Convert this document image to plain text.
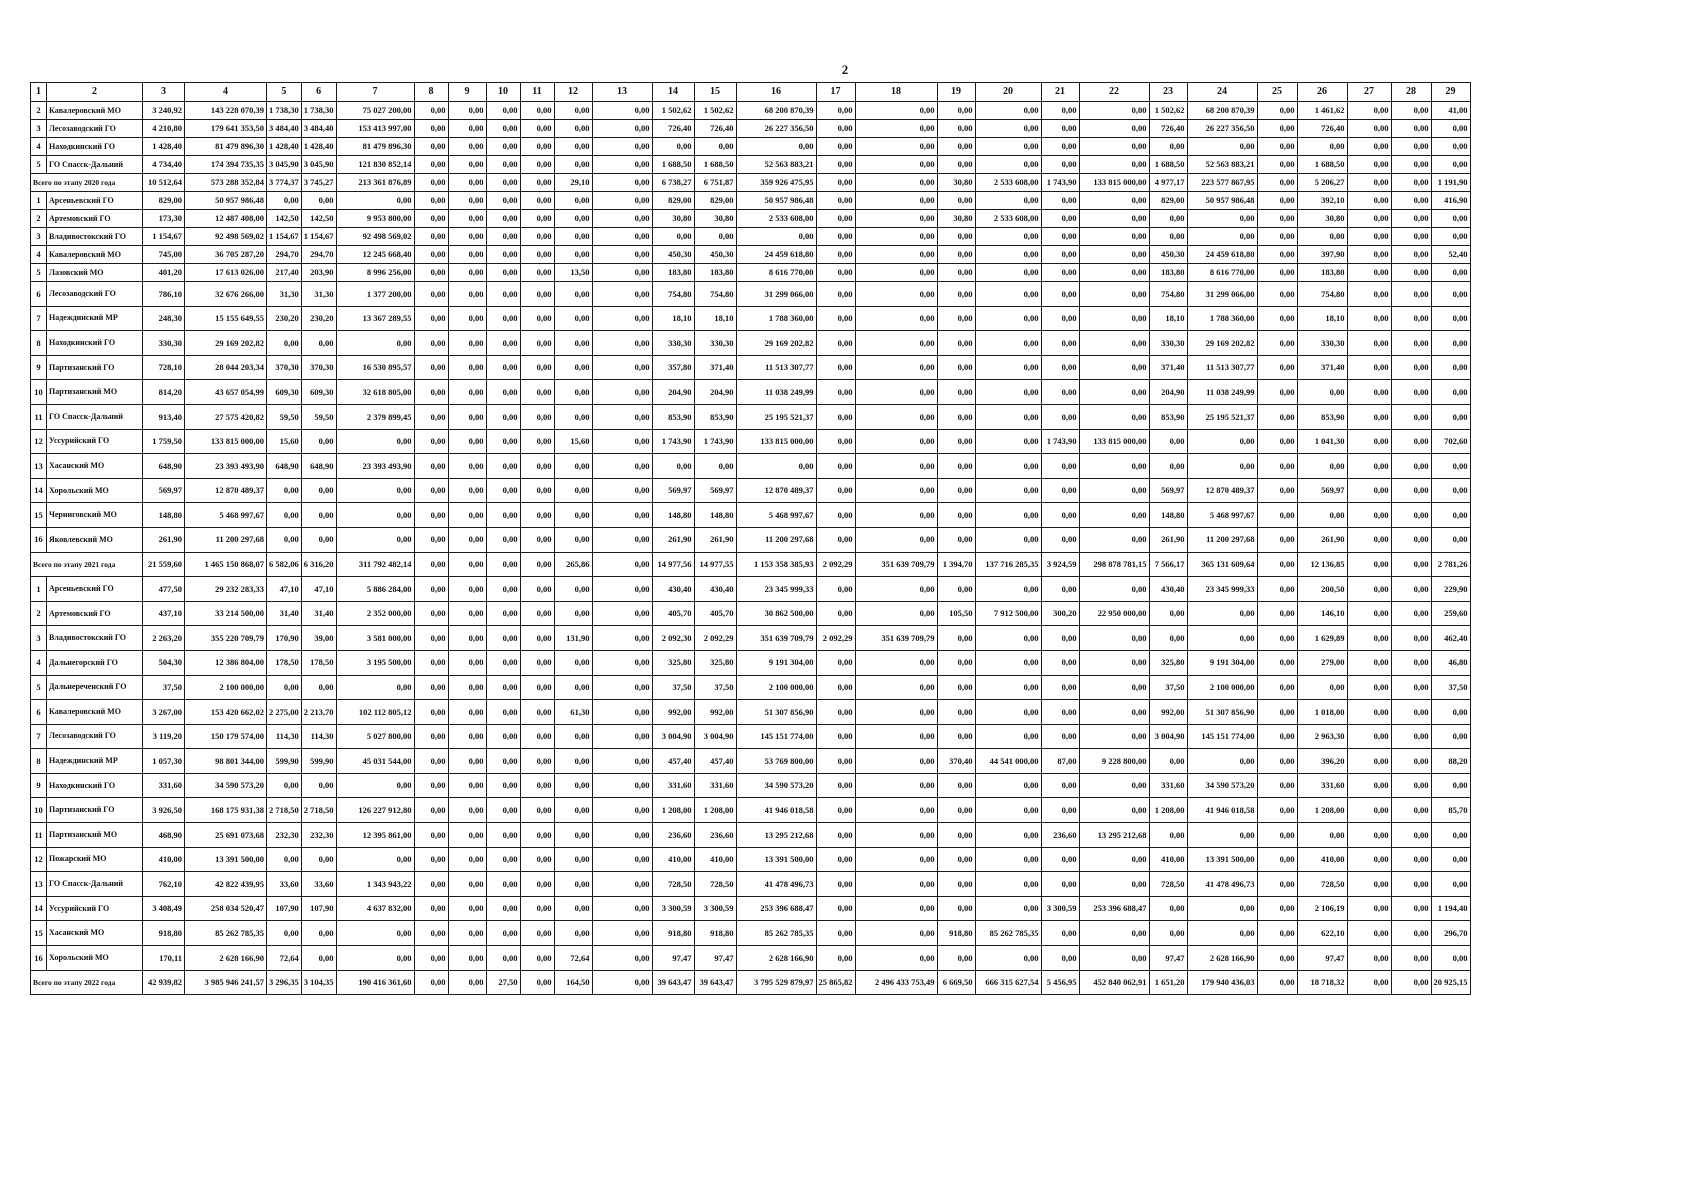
2
1	2	3	4	5	6	7	8	9	10	11	12	13	14	15	16	17	18	19	20	21	22	23	24	25	26	27	28	29
2	Кавалеровский МО	3 240,92	143 228 070,39	1 738,30	1 738,30	75 027 200,00	0,00	0,00	0,00	0,00	0,00	0,00	1 502,62	1 502,62	68 200 870,39	0,00	0,00	0,00	0,00	0,00	0,00	1 502,62	68 200 870,39	0,00	1 461,62	0,00	0,00	41,00
3	Лесозаводский ГО	4 210,80	179 641 353,50	3 484,40	3 484,40	153 413 997,00	0,00	0,00	0,00	0,00	0,00	0,00	726,40	726,40	26 227 356,50	0,00	0,00	0,00	0,00	0,00	0,00	726,40	26 227 356,50	0,00	726,40	0,00	0,00	0,00
4	Находкинский ГО	1 428,40	81 479 896,30	1 428,40	1 428,40	81 479 896,30	0,00	0,00	0,00	0,00	0,00	0,00	0,00	0,00	0,00	0,00	0,00	0,00	0,00	0,00	0,00	0,00	0,00	0,00	0,00	0,00	0,00	0,00
5	ГО Спасск-Дальний	4 734,40	174 394 735,35	3 045,90	3 045,90	121 830 852,14	0,00	0,00	0,00	0,00	0,00	0,00	1 688,50	1 688,50	52 563 883,21	0,00	0,00	0,00	0,00	0,00	0,00	1 688,50	52 563 883,21	0,00	1 688,50	0,00	0,00	0,00
Всего по этапу 2020 года		10 512,64	573 288 352,84	3 774,37	3 745,27	213 361 876,89	0,00	0,00	0,00	0,00	29,10	0,00	6 738,27	6 751,87	359 926 475,95	0,00	0,00	30,80	2 533 608,00	1 743,90	133 815 000,00	4 977,17	223 577 867,95	0,00	5 206,27	0,00	0,00	1 191,90
1	Арсеньевский ГО	829,00	50 957 986,48	0,00	0,00	0,00	0,00	0,00	0,00	0,00	0,00	0,00	829,00	829,00	50 957 986,48	0,00	0,00	0,00	0,00	0,00	0,00	829,00	50 957 986,48	0,00	392,10	0,00	0,00	416,90
2	Артемовский ГО	173,30	12 487 408,00	142,50	142,50	9 953 800,00	0,00	0,00	0,00	0,00	0,00	0,00	30,80	30,80	2 533 608,00	0,00	0,00	30,80	2 533 608,00	0,00	0,00	0,00	0,00	0,00	30,80	0,00	0,00	0,00
3	Владивостокский ГО	1 154,67	92 498 569,02	1 154,67	1 154,67	92 498 569,02	0,00	0,00	0,00	0,00	0,00	0,00	0,00	0,00	0,00	0,00	0,00	0,00	0,00	0,00	0,00	0,00	0,00	0,00	0,00	0,00	0,00	0,00
4	Кавалеровский МО	745,00	36 705 287,20	294,70	294,70	12 245 668,40	0,00	0,00	0,00	0,00	0,00	0,00	450,30	450,30	24 459 618,80	0,00	0,00	0,00	0,00	0,00	0,00	450,30	24 459 618,80	0,00	397,90	0,00	0,00	52,40
5	Лазовский МО	401,20	17 613 026,00	217,40	203,90	8 996 256,00	0,00	0,00	0,00	0,00	13,50	0,00	183,80	183,80	8 616 770,00	0,00	0,00	0,00	0,00	0,00	0,00	183,80	8 616 770,00	0,00	183,80	0,00	0,00	0,00
6	Лесозаводский ГО	786,10	32 676 266,00	31,30	31,30	1 377 200,00	0,00	0,00	0,00	0,00	0,00	0,00	754,80	754,80	31 299 066,00	0,00	0,00	0,00	0,00	0,00	0,00	754,80	31 299 066,00	0,00	754,80	0,00	0,00	0,00
7	Надеждинский МР	248,30	15 155 649,55	230,20	230,20	13 367 289,55	0,00	0,00	0,00	0,00	0,00	0,00	18,10	18,10	1 788 360,00	0,00	0,00	0,00	0,00	0,00	0,00	18,10	1 788 360,00	0,00	18,10	0,00	0,00	0,00
8	Находкинский ГО	330,30	29 169 202,82	0,00	0,00	0,00	0,00	0,00	0,00	0,00	0,00	0,00	330,30	330,30	29 169 202,82	0,00	0,00	0,00	0,00	0,00	0,00	330,30	29 169 202,82	0,00	330,30	0,00	0,00	0,00
9	Партизанский ГО	728,10	28 044 203,34	370,30	370,30	16 530 895,57	0,00	0,00	0,00	0,00	0,00	0,00	357,80	371,40	11 513 307,77	0,00	0,00	0,00	0,00	0,00	0,00	371,40	11 513 307,77	0,00	371,40	0,00	0,00	0,00
10	Партизанский МО	814,20	43 657 054,99	609,30	609,30	32 618 805,00	0,00	0,00	0,00	0,00	0,00	0,00	204,90	204,90	11 038 249,99	0,00	0,00	0,00	0,00	0,00	0,00	204,90	11 038 249,99	0,00	0,00	0,00	0,00	0,00
11	ГО Спасск-Дальний	913,40	27 575 420,82	59,50	59,50	2 379 899,45	0,00	0,00	0,00	0,00	0,00	0,00	853,90	853,90	25 195 521,37	0,00	0,00	0,00	0,00	0,00	0,00	853,90	25 195 521,37	0,00	853,90	0,00	0,00	0,00
12	Уссурийский ГО	1 759,50	133 815 000,00	15,60	0,00	0,00	0,00	0,00	0,00	0,00	15,60	0,00	1 743,90	1 743,90	133 815 000,00	0,00	0,00	0,00	0,00	1 743,90	133 815 000,00	0,00	0,00	0,00	1 041,30	0,00	0,00	702,60
13	Хасанский МО	648,90	23 393 493,90	648,90	648,90	23 393 493,90	0,00	0,00	0,00	0,00	0,00	0,00	0,00	0,00	0,00	0,00	0,00	0,00	0,00	0,00	0,00	0,00	0,00	0,00	0,00	0,00	0,00	0,00
14	Хорольский МО	569,97	12 870 489,37	0,00	0,00	0,00	0,00	0,00	0,00	0,00	0,00	0,00	569,97	569,97	12 870 489,37	0,00	0,00	0,00	0,00	0,00	0,00	569,97	12 870 489,37	0,00	569,97	0,00	0,00	0,00
15	Черниговский МО	148,80	5 468 997,67	0,00	0,00	0,00	0,00	0,00	0,00	0,00	0,00	0,00	148,80	148,80	5 468 997,67	0,00	0,00	0,00	0,00	0,00	0,00	148,80	5 468 997,67	0,00	0,00	0,00	0,00	0,00
16	Яковлевский МО	261,90	11 200 297,68	0,00	0,00	0,00	0,00	0,00	0,00	0,00	0,00	0,00	261,90	261,90	11 200 297,68	0,00	0,00	0,00	0,00	0,00	0,00	261,90	11 200 297,68	0,00	261,90	0,00	0,00	0,00
Всего по этапу 2021 года		21 559,60	1 465 150 868,07	6 582,06	6 316,20	311 792 482,14	0,00	0,00	0,00	0,00	265,86	0,00	14 977,56	14 977,55	1 153 358 385,93	2 092,29	351 639 709,79	1 394,70	137 716 285,35	3 924,59	298 878 781,15	7 566,17	365 131 609,64	0,00	12 136,85	0,00	0,00	2 781,26
1	Арсеньевский ГО	477,50	29 232 283,33	47,10	47,10	5 886 284,00	0,00	0,00	0,00	0,00	0,00	0,00	430,40	430,40	23 345 999,33	0,00	0,00	0,00	0,00	0,00	0,00	430,40	23 345 999,33	0,00	200,50	0,00	0,00	229,90
2	Артемовский ГО	437,10	33 214 500,00	31,40	31,40	2 352 000,00	0,00	0,00	0,00	0,00	0,00	0,00	405,70	405,70	30 862 500,00	0,00	0,00	105,50	7 912 500,00	300,20	22 950 000,00	0,00	0,00	0,00	146,10	0,00	0,00	259,60
3	Владивостокский ГО	2 263,20	355 220 709,79	170,90	39,00	3 581 000,00	0,00	0,00	0,00	0,00	131,90	0,00	2 092,30	2 092,29	351 639 709,79	2 092,29	351 639 709,79	0,00	0,00	0,00	0,00	0,00	0,00	0,00	1 629,89	0,00	0,00	462,40
4	Дальнегорский ГО	504,30	12 386 804,00	178,50	178,50	3 195 500,00	0,00	0,00	0,00	0,00	0,00	0,00	325,80	325,80	9 191 304,00	0,00	0,00	0,00	0,00	0,00	0,00	325,80	9 191 304,00	0,00	279,00	0,00	0,00	46,80
5	Дальнереченский ГО	37,50	2 100 000,00	0,00	0,00	0,00	0,00	0,00	0,00	0,00	0,00	0,00	37,50	37,50	2 100 000,00	0,00	0,00	0,00	0,00	0,00	0,00	37,50	2 100 000,00	0,00	0,00	0,00	0,00	37,50
6	Кавалеровский МО	3 267,00	153 420 662,02	2 275,00	2 213,70	102 112 805,12	0,00	0,00	0,00	0,00	61,30	0,00	992,00	992,00	51 307 856,90	0,00	0,00	0,00	0,00	0,00	0,00	992,00	51 307 856,90	0,00	1 018,00	0,00	0,00	0,00
7	Лесозаводский ГО	3 119,20	150 179 574,00	114,30	114,30	5 027 800,00	0,00	0,00	0,00	0,00	0,00	0,00	3 004,90	3 004,90	145 151 774,00	0,00	0,00	0,00	0,00	0,00	0,00	3 004,90	145 151 774,00	0,00	2 963,30	0,00	0,00	0,00
8	Надеждинский МР	1 057,30	98 801 344,00	599,90	599,90	45 031 544,00	0,00	0,00	0,00	0,00	0,00	0,00	457,40	457,40	53 769 800,00	0,00	0,00	370,40	44 541 000,00	87,00	9 228 800,00	0,00	0,00	0,00	396,20	0,00	0,00	88,20
9	Находкинский ГО	331,60	34 590 573,20	0,00	0,00	0,00	0,00	0,00	0,00	0,00	0,00	0,00	331,60	331,60	34 590 573,20	0,00	0,00	0,00	0,00	0,00	0,00	331,60	34 590 573,20	0,00	331,60	0,00	0,00	0,00
10	Партизанский ГО	3 926,50	168 175 931,38	2 718,50	2 718,50	126 227 912,80	0,00	0,00	0,00	0,00	0,00	0,00	1 208,00	1 208,00	41 946 018,58	0,00	0,00	0,00	0,00	0,00	0,00	1 208,00	41 946 018,58	0,00	1 208,00	0,00	0,00	85,70
11	Партизанский МО	468,90	25 691 073,68	232,30	232,30	12 395 861,00	0,00	0,00	0,00	0,00	0,00	0,00	236,60	236,60	13 295 212,68	0,00	0,00	0,00	0,00	236,60	13 295 212,68	0,00	0,00	0,00	0,00	0,00	0,00	0,00
12	Пожарский МО	410,00	13 391 500,00	0,00	0,00	0,00	0,00	0,00	0,00	0,00	0,00	0,00	410,00	410,00	13 391 500,00	0,00	0,00	0,00	0,00	0,00	0,00	410,00	13 391 500,00	0,00	410,00	0,00	0,00	0,00
13	ГО Спасск-Дальний	762,10	42 822 439,95	33,60	33,60	1 343 943,22	0,00	0,00	0,00	0,00	0,00	0,00	728,50	728,50	41 478 496,73	0,00	0,00	0,00	0,00	0,00	0,00	728,50	41 478 496,73	0,00	728,50	0,00	0,00	0,00
14	Уссурийский ГО	3 408,49	258 034 520,47	107,90	107,90	4 637 832,00	0,00	0,00	0,00	0,00	0,00	0,00	3 300,59	3 300,59	253 396 688,47	0,00	0,00	0,00	0,00	3 300,59	253 396 688,47	0,00	0,00	0,00	2 106,19	0,00	0,00	1 194,40
15	Хасанский МО	918,80	85 262 785,35	0,00	0,00	0,00	0,00	0,00	0,00	0,00	0,00	0,00	918,80	918,80	85 262 785,35	0,00	0,00	918,80	85 262 785,35	0,00	0,00	0,00	0,00	0,00	622,10	0,00	0,00	296,70
16	Хорольский МО	170,11	2 628 166,90	72,64	0,00	0,00	0,00	0,00	0,00	0,00	72,64	0,00	97,47	97,47	2 628 166,90	0,00	0,00	0,00	0,00	0,00	0,00	97,47	2 628 166,90	0,00	97,47	0,00	0,00	0,00
Всего по этапу 2022 года		42 939,82	3 985 946 241,57	3 296,35	3 104,35	190 416 361,60	0,00	0,00	27,50	0,00	164,50	0,00	39 643,47	39 643,47	3 795 529 879,97	25 865,82	2 496 433 753,49	6 669,50	666 315 627,54	5 456,95	452 840 062,91	1 651,20	179 940 436,03	0,00	18 718,32	0,00	0,00	20 925,15
